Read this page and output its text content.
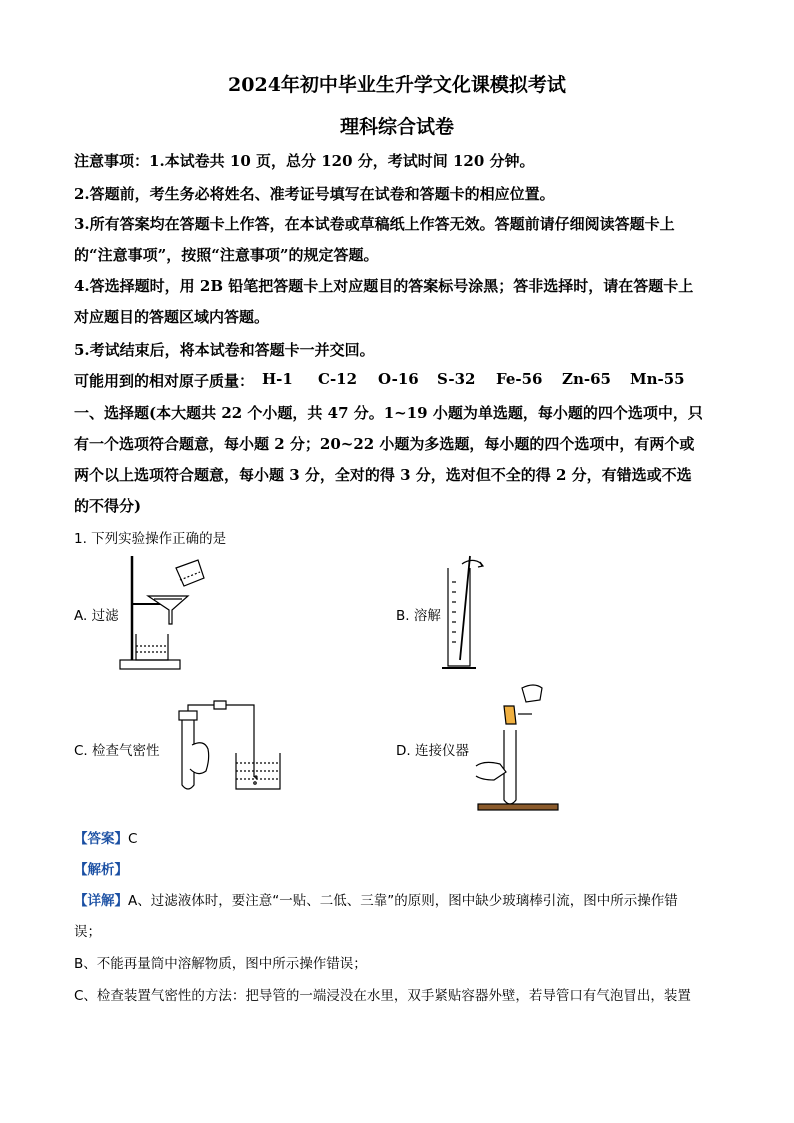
2024年初中毕业生升学文化课模拟考试
理科综合试卷
注意事项：1.本试卷共 10 页，总分 120 分，考试时间 120 分钟。
2.答题前，考生务必将姓名、准考证号填写在试卷和答题卡的相应位置。
3.所有答案均在答题卡上作答，在本试卷或草稿纸上作答无效。答题前请仔细阅读答题卡上
的“注意事项”，按照“注意事项”的规定答题。
4.答选择题时，用 2B 铅笔把答题卡上对应题目的答案标号涂黑；答非选择时，请在答题卡上
对应题目的答题区域内答题。
5.考试结束后，将本试卷和答题卡一并交回。
可能用到的相对原子质量： H-1 C-12 O-16 S-32 Fe-56 Zn-65 Mn-55
一、选择题(本大题共 22 个小题，共 47 分。1~19 小题为单选题，每小题的四个选项中，只
有一个选项符合题意，每小题 2 分；20~22 小题为多选题，每小题的四个选项中，有两个或
两个以上选项符合题意，每小题 3 分，全对的得 3 分，选对但不全的得 2 分，有错选或不选
的不得分)
1. 下列实验操作正确的是
A. 过滤	B. 溶解
C. 检查气密性	D. 连接仪器
【答案】C
【解析】
【详解】A、过滤液体时，要注意“一贴、二低、三靠”的原则，图中缺少玻璃棒引流，图中所示操作错
误；
B、不能再量筒中溶解物质，图中所示操作错误；
C、检查装置气密性的方法：把导管的一端浸没在水里，双手紧贴容器外壁，若导管口有气泡冒出，装置
